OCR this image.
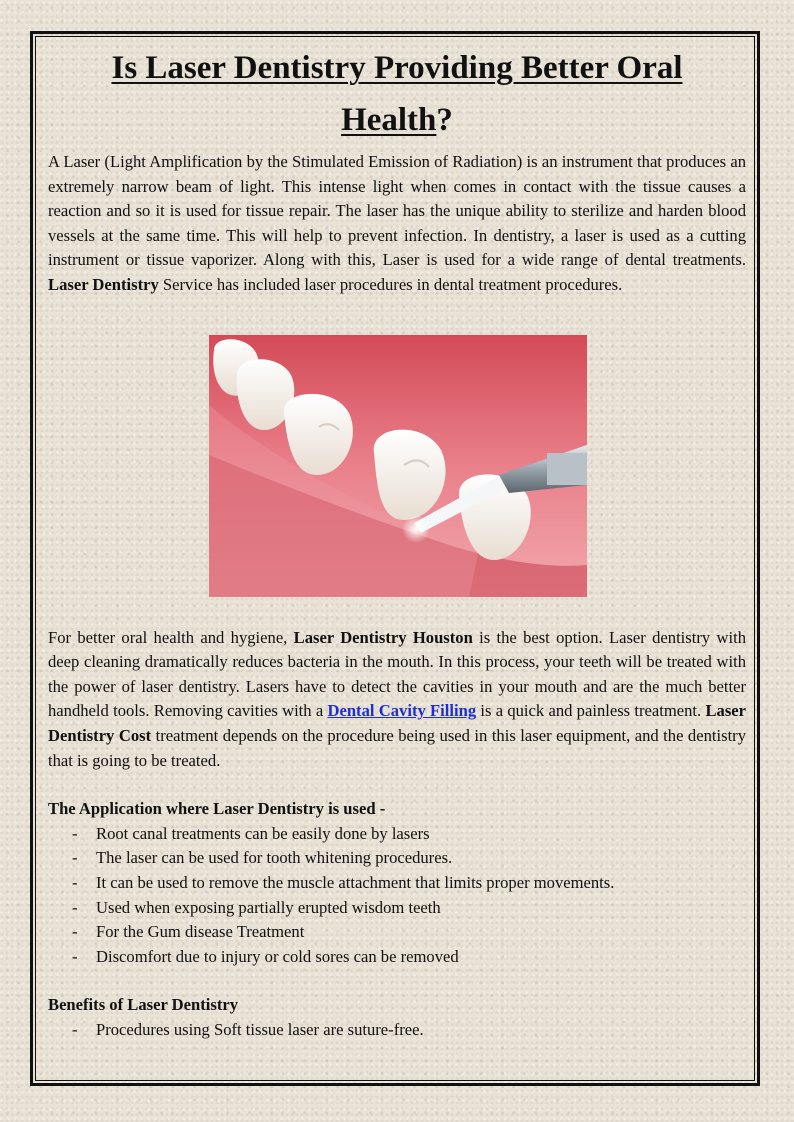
Is Laser Dentistry Providing Better Oral
Health?

A Laser (Light Amplification by the Stimulated Emission of Radiation) is an instrument that produces an extremely narrow beam of light. This intense light when comes in contact with the tissue causes a reaction and so it is used for tissue repair. The laser has the unique ability to sterilize and harden blood vessels at the same time. This will help to prevent infection. In dentistry, a laser is used as a cutting instrument or tissue vaporizer. Along with this, Laser is used for a wide range of dental treatments. Laser Dentistry Service has included laser procedures in dental treatment procedures.

For better oral health and hygiene, Laser Dentistry Houston is the best option. Laser dentistry with deep cleaning dramatically reduces bacteria in the mouth. In this process, your teeth will be treated with the power of laser dentistry. Lasers have to detect the cavities in your mouth and are the much better handheld tools. Removing cavities with a Dental Cavity Filling is a quick and painless treatment. Laser Dentistry Cost treatment depends on the procedure being used in this laser equipment, and the dentistry that is going to be treated.

The Application where Laser Dentistry is used -
- Root canal treatments can be easily done by lasers
- The laser can be used for tooth whitening procedures.
- It can be used to remove the muscle attachment that limits proper movements.
- Used when exposing partially erupted wisdom teeth
- For the Gum disease Treatment
- Discomfort due to injury or cold sores can be removed
Benefits of Laser Dentistry
- Procedures using Soft tissue laser are suture-free.
